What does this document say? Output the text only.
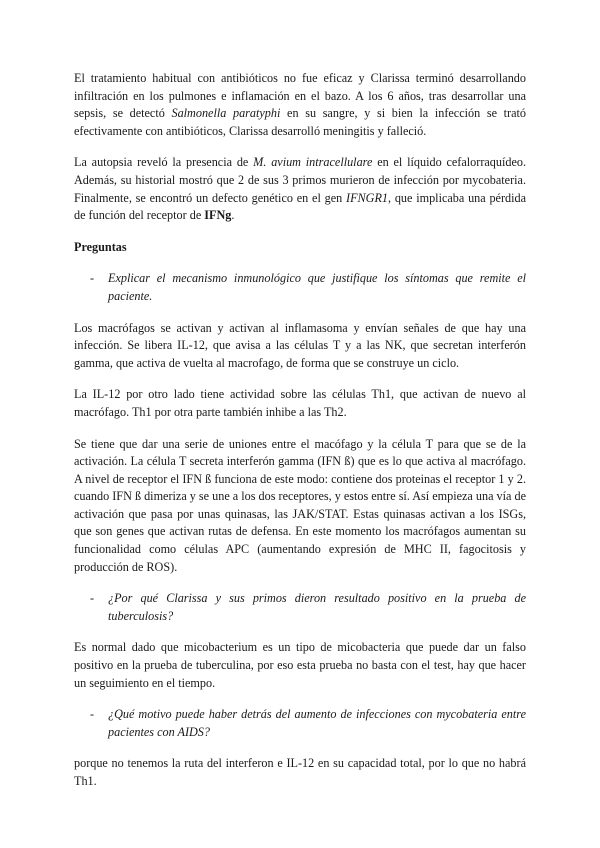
El tratamiento habitual con antibióticos no fue eficaz y Clarissa terminó desarrollando infiltración en los pulmones e inflamación en el bazo. A los 6 años, tras desarrollar una sepsis, se detectó Salmonella paratyphi en su sangre, y si bien la infección se trató efectivamente con antibióticos, Clarissa desarrolló meningitis y falleció.

La autopsia reveló la presencia de M. avium intracellulare en el líquido cefalorraquídeo. Además, su historial mostró que 2 de sus 3 primos murieron de infección por mycobateria. Finalmente, se encontró un defecto genético en el gen IFNGR1, que implicaba una pérdida de función del receptor de IFNg.

Preguntas
- Explicar el mecanismo inmunológico que justifique los síntomas que remite el paciente.

Los macrófagos se activan y activan al inflamasoma y envían señales de que hay una infección. Se libera IL-12, que avisa a las células T y a las NK, que secretan interferón gamma, que activa de vuelta al macrofago, de forma que se construye un ciclo.

La IL-12 por otro lado tiene actividad sobre las células Th1, que activan de nuevo al macrófago. Th1 por otra parte también inhibe a las Th2.

Se tiene que dar una serie de uniones entre el macófago y la célula T para que se de la activación. La célula T secreta interferón gamma (IFN ß) que es lo que activa al macrófago. A nivel de receptor el IFN ß funciona de este modo: contiene dos proteinas el receptor 1 y 2. cuando IFN ß dimeriza y se une a los dos receptores, y estos entre sí. Así empieza una vía de activación que pasa por unas quinasas, las JAK/STAT. Estas quinasas activan a los ISGs, que son genes que activan rutas de defensa. En este momento los macrófagos aumentan su funcionalidad como células APC (aumentando expresión de MHC II, fagocitosis y producción de ROS).

- ¿Por qué Clarissa y sus primos dieron resultado positivo en la prueba de tuberculosis?

Es normal dado que micobacterium es un tipo de micobacteria que puede dar un falso positivo en la prueba de tuberculina, por eso esta prueba no basta con el test, hay que hacer un seguimiento en el tiempo.

- ¿Qué motivo puede haber detrás del aumento de infecciones con mycobateria entre pacientes con AIDS?

porque no tenemos la ruta del interferon e IL-12 en su capacidad total, por lo que no habrá Th1.
